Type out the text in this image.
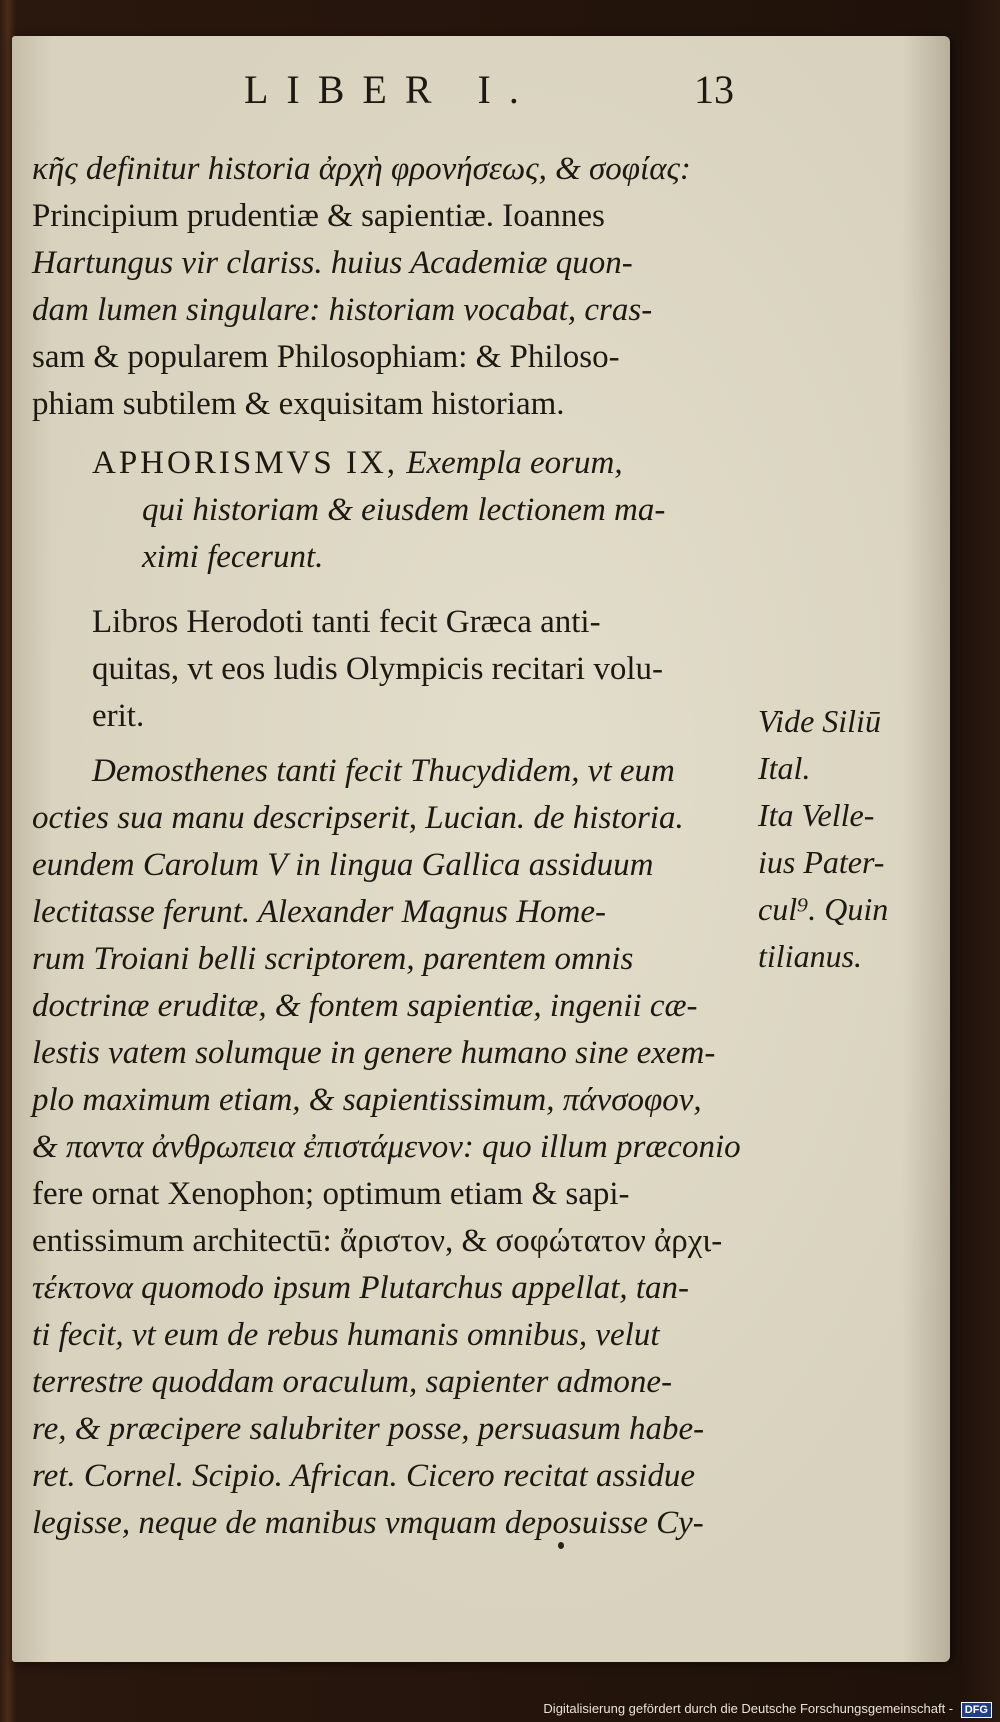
LIBER I.	13
κῆς definitur historia ἀρχὴ φρονήσεως, & σοφίας:
Principium prudentiæ & sapientiæ. Ioannes
Hartungus vir clariss. huius Academiæ quon-
dam lumen singulare: historiam vocabat, cras-
sam & popularem Philosophiam: & Philoso-
phiam subtilem & exquisitam historiam.
APHORISMVS IX, Exempla eorum,
qui historiam & eiusdem lectionem ma-
ximi fecerunt.
Libros Herodoti tanti fecit Græca anti-
quitas, vt eos ludis Olympicis recitari volu-
erit.
Demosthenes tanti fecit Thucydidem, vt eum
octies sua manu descripserit, Lucian. de historia.
eundem Carolum V in lingua Gallica assiduum
lectitasse ferunt. Alexander Magnus Home-
rum Troiani belli scriptorem, parentem omnis
doctrinæ eruditæ, & fontem sapientiæ, ingenii cæ-
lestis vatem solumque in genere humano sine exem-
plo maximum etiam, & sapientissimum, πάνσοφον,
& παντα ἀνθρωπεια ἐπιστάμενον: quo illum præconio
fere ornat Xenophon; optimum etiam & sapi-
entissimum architectū: ἄριστον, & σοφώτατον ἀρχι-
τέκτονα quomodo ipsum Plutarchus appellat, tan-
ti fecit, vt eum de rebus humanis omnibus, velut
terrestre quoddam oraculum, sapienter admone-
re, & præcipere salubriter posse, persuasum habe-
ret. Cornel. Scipio. African. Cicero recitat assidue
legisse, neque de manibus vmquam deposuisse Cy-
Vide Siliū
Ital.
Ita Velle-
ius Pater-
cul⁹. Quin
tilianus.
Digitalisierung gefördert durch die Deutsche Forschungsgemeinschaft - DFG
